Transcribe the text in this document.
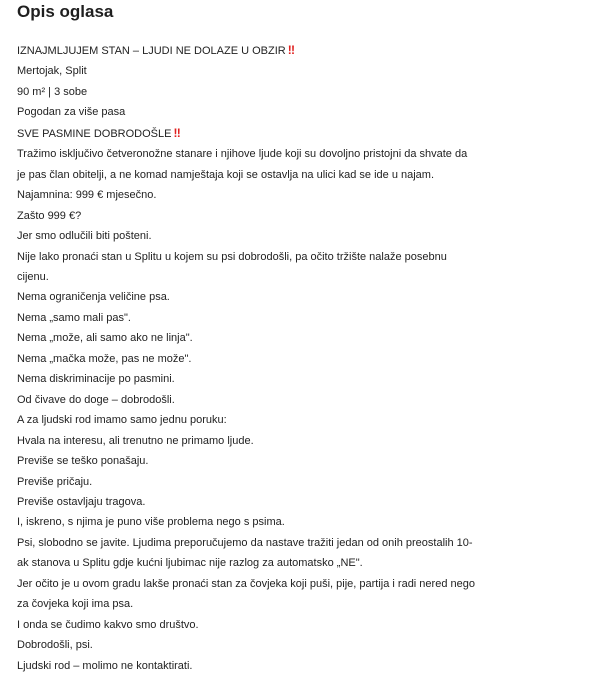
Opis oglasa
IZNAJMLJUJEM STAN – LJUDI NE DOLAZE U OBZIR ‼
Mertojak, Split
90 m² | 3 sobe
Pogodan za više pasa
SVE PASMINE DOBRODOŠLE ‼
Tražimo isključivo četveronožne stanare i njihove ljude koji su dovoljno pristojni da shvate da je pas član obitelji, a ne komad namještaja koji se ostavlja na ulici kad se ide u najam.
Najamnina: 999 € mjesečno.
Zašto 999 €?
Jer smo odlučili biti pošteni.
Nije lako pronaći stan u Splitu u kojem su psi dobrodošli, pa očito tržište nalaže posebnu cijenu.
Nema ograničenja veličine psa.
Nema „samo mali pas".
Nema „može, ali samo ako ne linja".
Nema „mačka može, pas ne može".
Nema diskriminacije po pasmini.
Od čivave do doge – dobrodošli.
A za ljudski rod imamo samo jednu poruku:
Hvala na interesu, ali trenutno ne primamo ljude.
Previše se teško ponašaju.
Previše pričaju.
Previše ostavljaju tragova.
I, iskreno, s njima je puno više problema nego s psima.
Psi, slobodno se javite. Ljudima preporučujemo da nastave tražiti jedan od onih preostalih 10-ak stanova u Splitu gdje kućni ljubimac nije razlog za automatsko „NE".
Jer očito je u ovom gradu lakše pronaći stan za čovjeka koji puši, pije, partija i radi nered nego za čovjeka koji ima psa.
I onda se čudimo kakvo smo društvo.
Dobrodošli, psi.
Ljudski rod – molimo ne kontaktirati.
